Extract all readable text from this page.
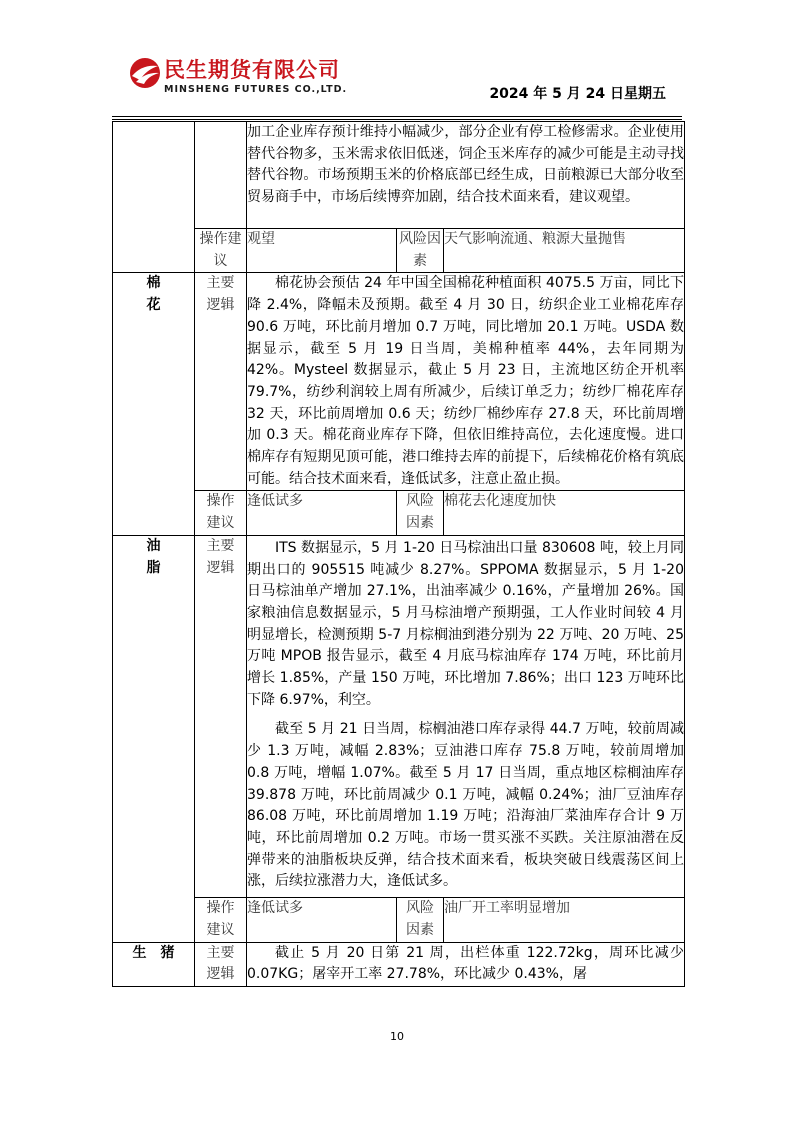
民生期货有限公司
MINSHENG FUTURES CO.,LTD.	2024 年 5 月 24 日星期五

		加工企业库存预计维持小幅减少，部分企业有停工检修需求。企业使用替代谷物多，玉米需求依旧低迷，饲企玉米库存的减少可能是主动寻找替代谷物。市场预期玉米的价格底部已经生成，日前粮源已大部分收至贸易商手中，市场后续博弈加剧，结合技术面来看，建议观望。		

	操作建议	观望	风险因素	天气影响流通、粮源大量抛售
棉花	主要逻辑	棉花协会预估 24 年中国全国棉花种植面积 4075.5 万亩，同比下降 2.4%，降幅未及预期。截至 4 月 30 日，纺织企业工业棉花库存 90.6 万吨，环比前月增加 0.7 万吨，同比增加 20.1 万吨。USDA 数据显示，截至 5 月 19 日当周，美棉种植率 44%，去年同期为 42%。Mysteel 数据显示，截止 5 月 23 日，主流地区纺企开机率 79.7%，纺纱利润较上周有所减少，后续订单乏力；纺纱厂棉花库存 32 天，环比前周增加 0.6 天；纺纱厂棉纱库存 27.8 天，环比前周增加 0.3 天。棉花商业库存下降，但依旧维持高位，去化速度慢。进口棉库存有短期见顶可能，港口维持去库的前提下，后续棉花价格有筑底可能。结合技术面来看，逢低试多，注意止盈止损。		

	操作建议	逢低试多	风险因素	棉花去化速度加快
油脂	主要逻辑	ITS 数据显示，5 月 1-20 日马棕油出口量 830608 吨，较上月同期出口的 905515 吨减少 8.27%。SPPOMA 数据显示，5 月 1-20 日马棕油单产增加 27.1%，出油率减少 0.16%，产量增加 26%。国家粮油信息数据显示，5 月马棕油增产预期强，工人作业时间较 4 月明显增长，检测预期 5-7 月棕榈油到港分别为 22 万吨、20 万吨、25 万吨 MPOB 报告显示，截至 4 月底马棕油库存 174 万吨，环比前月增长 1.85%，产量 150 万吨，环比增加 7.86%；出口 123 万吨环比下降 6.97%，利空。

截至 5 月 21 日当周，棕榈油港口库存录得 44.7 万吨，较前周减少 1.3 万吨，减幅 2.83%；豆油港口库存 75.8 万吨，较前周增加 0.8 万吨，增幅 1.07%。截至 5 月 17 日当周，重点地区棕榈油库存 39.878 万吨，环比前周减少 0.1 万吨，减幅 0.24%；油厂豆油库存 86.08 万吨，环比前周增加 1.19 万吨；沿海油厂菜油库存合计 9 万吨，环比前周增加 0.2 万吨。市场一贯买涨不买跌。关注原油潜在反弹带来的油脂板块反弹，结合技术面来看，板块突破日线震荡区间上涨，后续拉涨潜力大，逢低试多。		

	操作建议	逢低试多	风险因素	油厂开工率明显增加
生　猪	主要逻辑	截止 5 月 20 日第 21 周，出栏体重 122.72kg，周环比减少 0.07KG；屠宰开工率 27.78%，环比减少 0.43%，屠		

10
